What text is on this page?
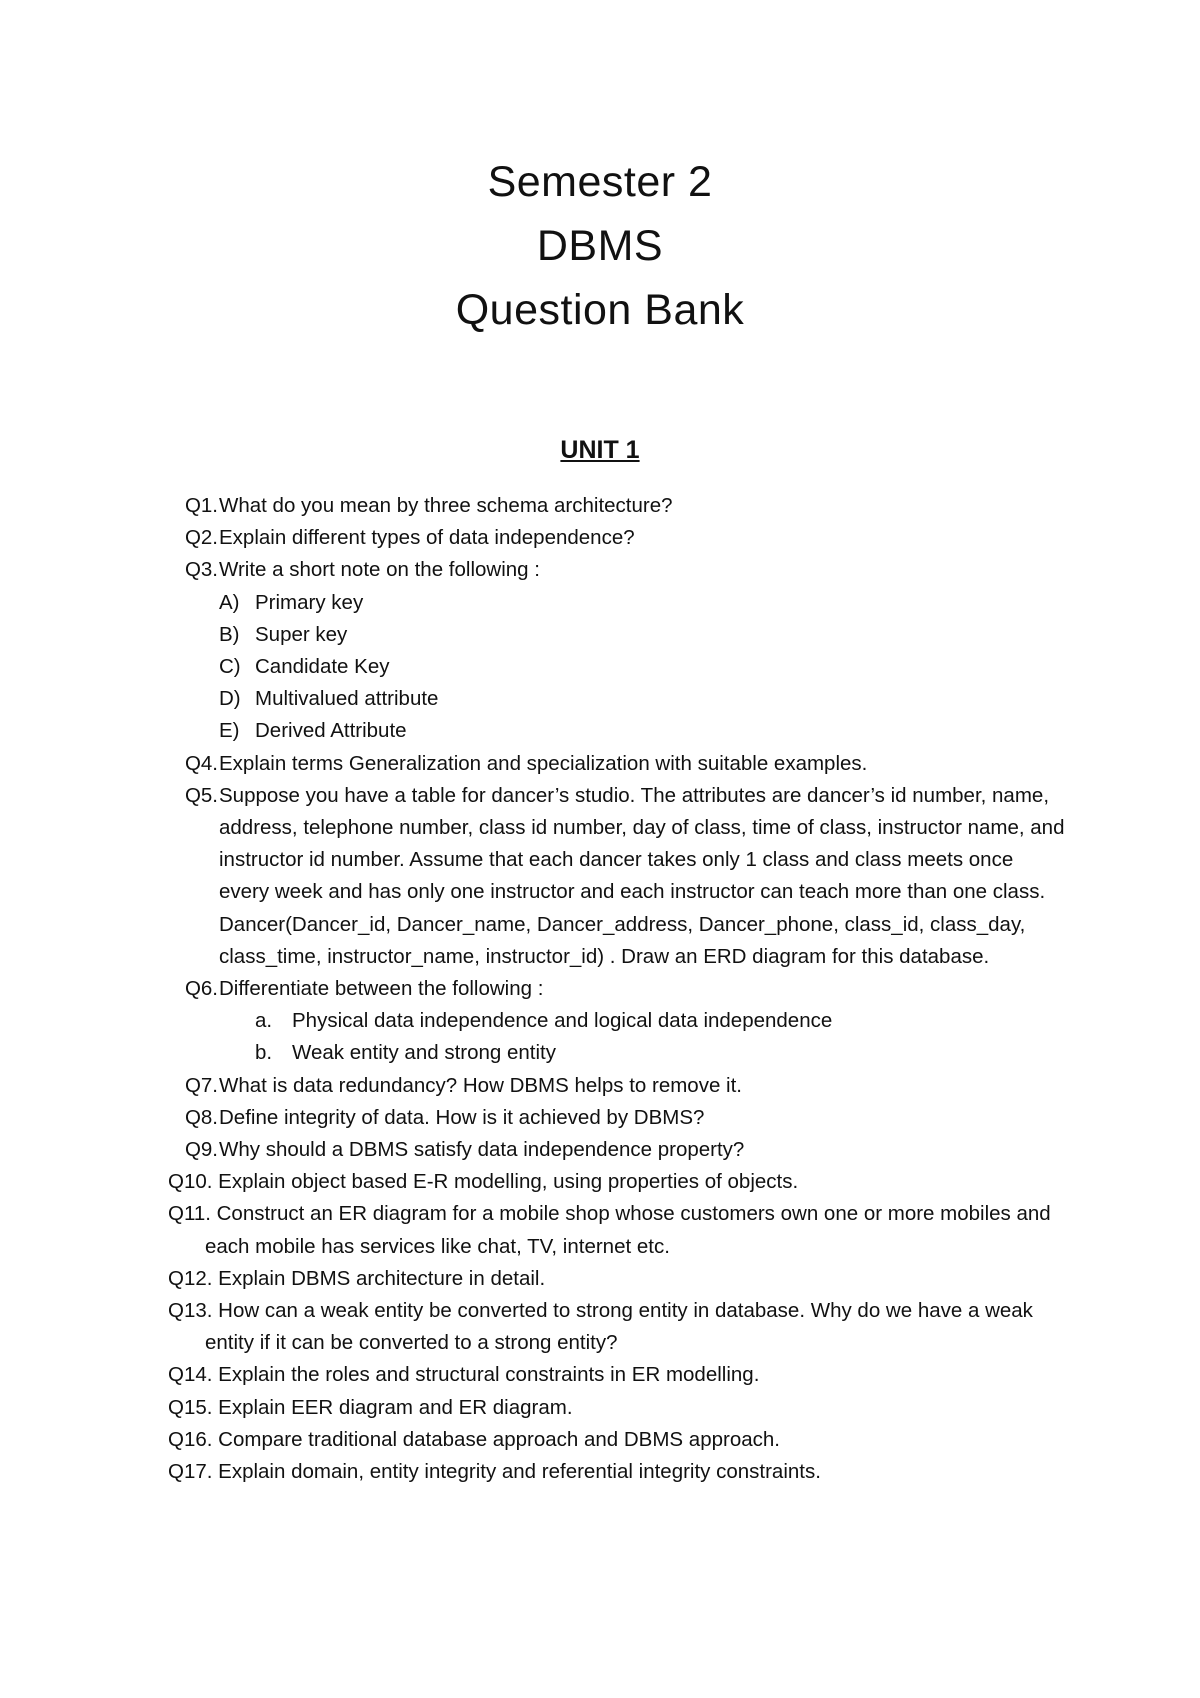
Semester 2

DBMS

Question Bank

UNIT 1
Q1. What do you mean by three schema architecture?
Q2. Explain different types of data independence?
Q3. Write a short note on the following :
A) Primary key
B) Super key
C) Candidate Key
D) Multivalued attribute
E) Derived Attribute
Q4. Explain terms Generalization and specialization with suitable examples.
Q5. Suppose you have a table for dancer’s studio. The attributes are dancer’s id number, name, address, telephone number, class id number, day of class, time of class, instructor name, and instructor id number. Assume that each dancer takes only 1 class and class meets once every week and has only one instructor and each instructor can teach more than one class. Dancer(Dancer_id, Dancer_name, Dancer_address, Dancer_phone, class_id, class_day, class_time, instructor_name, instructor_id) . Draw an ERD diagram for this database.
Q6. Differentiate between the following :
a. Physical data independence and logical data independence
b. Weak entity and strong entity
Q7. What is data redundancy? How DBMS helps to remove it.
Q8. Define integrity of data. How is it achieved by DBMS?
Q9. Why should a DBMS satisfy data independence property?
Q10. Explain object based E-R modelling, using properties of objects.
Q11. Construct an ER diagram for a mobile shop whose customers own one or more mobiles and each mobile has services like chat, TV, internet etc.
Q12. Explain DBMS architecture in detail.
Q13. How can a weak entity be converted to strong entity in database. Why do we have a weak entity if it can be converted to a strong entity?
Q14. Explain the roles and structural constraints in ER modelling.
Q15. Explain EER diagram and ER diagram.
Q16. Compare traditional database approach and DBMS approach.
Q17. Explain domain, entity integrity and referential integrity constraints.
